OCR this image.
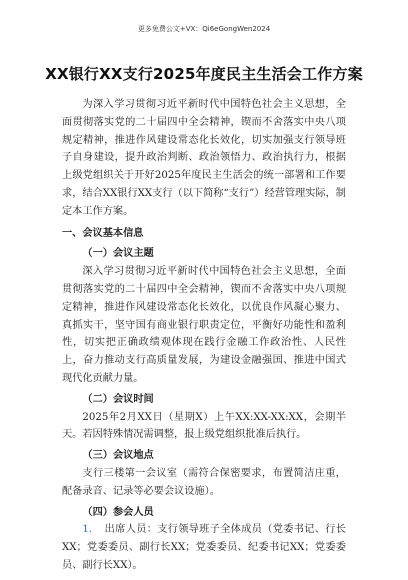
更多免费公文+VX：Qi6eGongWen2024
XX银行XX支行2025年度民主生活会工作方案

为深入学习贯彻习近平新时代中国特色社会主义思想，全面贯彻落实党的二十届四中全会精神，锲而不舍落实中央八项规定精神，推进作风建设常态化长效化，切实加强支行领导班子自身建设，提升政治判断、政治领悟力、政治执行力，根据上级党组织关于开好2025年度民主生活会的统一部署和工作要求，结合XX银行XX支行（以下简称“支行”）经营管理实际，制定本工作方案。

一、会议基本信息

（一）会议主题

深入学习贯彻习近平新时代中国特色社会主义思想，全面贯彻落实党的二十届四中全会精神，锲而不舍落实中央八项规定精神，推进作风建设常态化长效化，以优良作风凝心聚力、真抓实干，坚守国有商业银行职责定位，平衡好功能性和盈利性，切实把正确政绩观体现在践行金融工作政治性、人民性上，奋力推动支行高质量发展，为建设金融强国、推进中国式现代化贡献力量。

（二）会议时间

2025年2月XX日（星期X）上午XX:XX-XX:XX，会期半天。若因特殊情况需调整，报上级党组织批准后执行。

（三）会议地点

支行三楼第一会议室（需符合保密要求，布置简洁庄重，配备录音、记录等必要会议设施）。

（四）参会人员

1. 出席人员：支行领导班子全体成员（党委书记、行长XX；党委委员、副行长XX；党委委员、纪委书记XX；党委委员、副行长XX）。
